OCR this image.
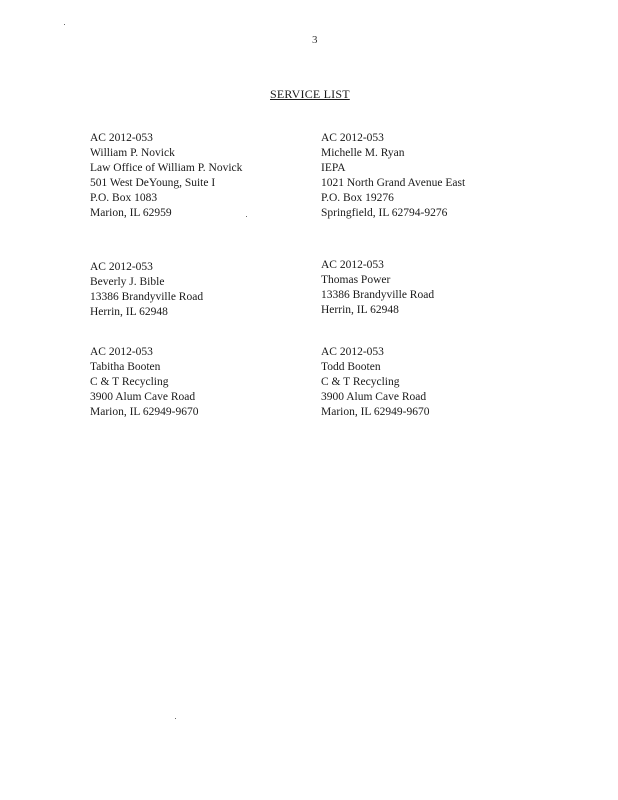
3
SERVICE LIST
AC 2012-053
William P. Novick
Law Office of William P. Novick
501 West DeYoung, Suite I
P.O. Box 1083
Marion, IL 62959
AC 2012-053
Michelle M. Ryan
IEPA
1021 North Grand Avenue East
P.O. Box 19276
Springfield, IL 62794-9276
AC 2012-053
Beverly J. Bible
13386 Brandyville Road
Herrin, IL 62948
AC 2012-053
Thomas Power
13386 Brandyville Road
Herrin, IL 62948
AC 2012-053
Tabitha Booten
C & T Recycling
3900 Alum Cave Road
Marion, IL 62949-9670
AC 2012-053
Todd Booten
C & T Recycling
3900 Alum Cave Road
Marion, IL 62949-9670
